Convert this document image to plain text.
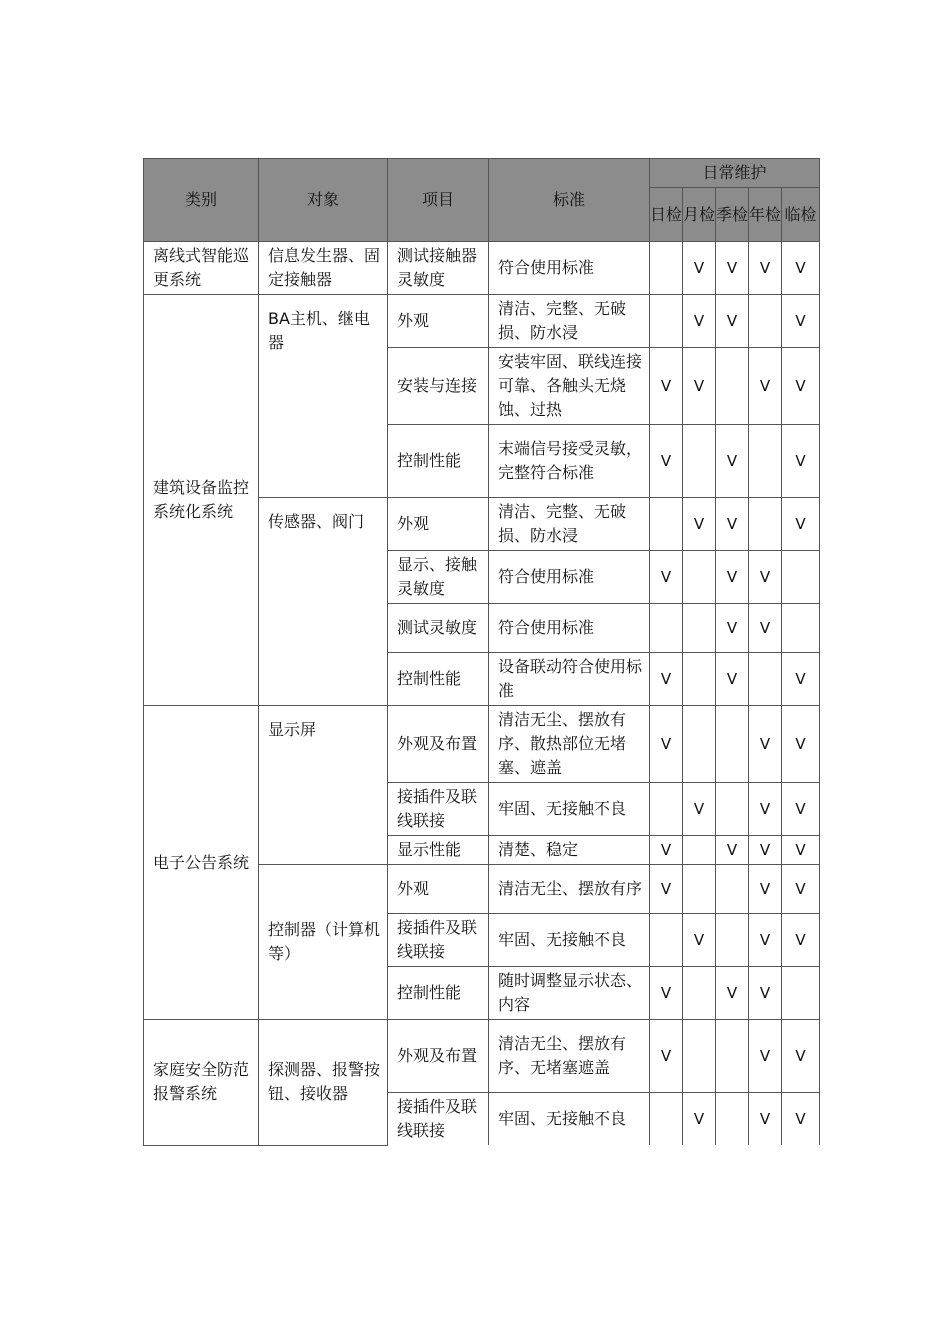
类别	对象	项目	标准	日常维护				
				日检	月检	季检	年检	临检
离线式智能巡更系统	信息发生器、固定接触器	测试接触器灵敏度	符合使用标准		V	V	V	V
建筑设备监控系统化系统	BA主机、继电器	外观	清洁、完整、无破损、防水浸		V	V		V
		安装与连接	安装牢固、联线连接可靠、各触头无烧蚀、过热	V	V		V	V
		控制性能	末端信号接受灵敏，完整符合标准	V		V		V
	传感器、阀门	外观	清洁、完整、无破损、防水浸		V	V		V
		显示、接触灵敏度	符合使用标准	V		V	V	
		测试灵敏度	符合使用标准			V	V	
		控制性能	设备联动符合使用标准	V		V		V
电子公告系统	显示屏	外观及布置	清洁无尘、摆放有序、散热部位无堵塞、遮盖	V			V	V
		接插件及联线联接	牢固、无接触不良		V		V	V
		显示性能	清楚、稳定	V		V	V	V
	控制器（计算机等）	外观	清洁无尘、摆放有序	V			V	V
		接插件及联线联接	牢固、无接触不良		V		V	V
		控制性能	随时调整显示状态、内容	V		V	V	
家庭安全防范报警系统	探测器、报警按钮、接收器	外观及布置	清洁无尘、摆放有序、无堵塞遮盖	V			V	V
		接插件及联线联接	牢固、无接触不良		V		V	V
